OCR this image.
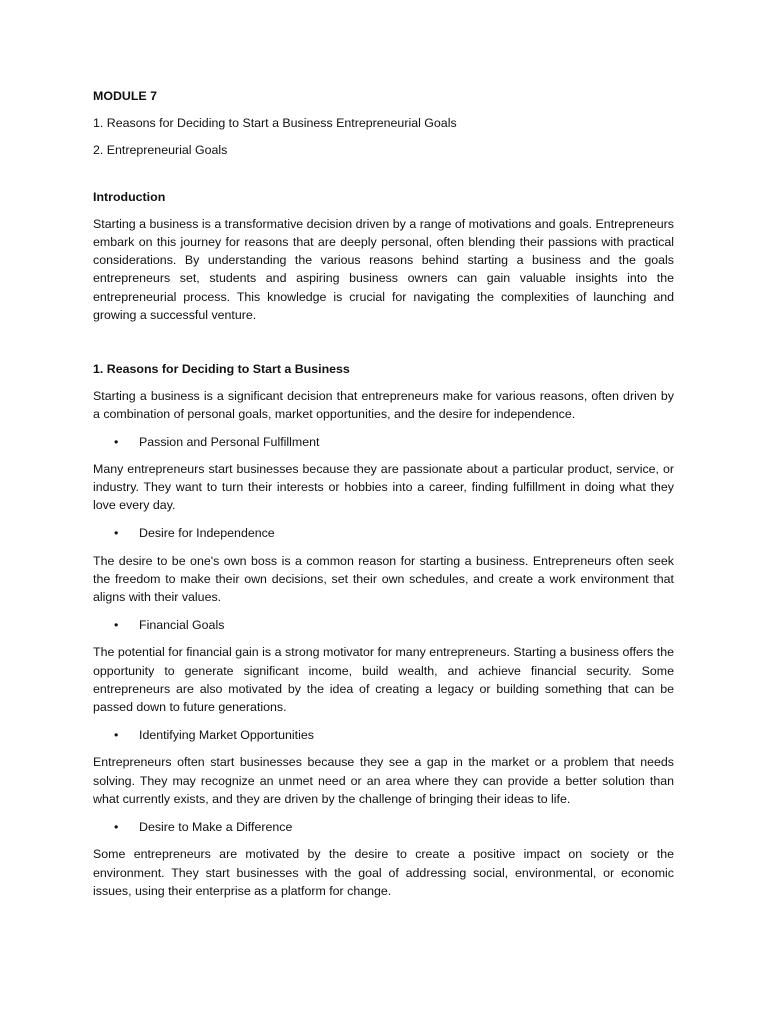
MODULE 7

1. Reasons for Deciding to Start a Business Entrepreneurial Goals

2. Entrepreneurial Goals

Introduction

Starting a business is a transformative decision driven by a range of motivations and goals. Entrepreneurs embark on this journey for reasons that are deeply personal, often blending their passions with practical considerations. By understanding the various reasons behind starting a business and the goals entrepreneurs set, students and aspiring business owners can gain valuable insights into the entrepreneurial process. This knowledge is crucial for navigating the complexities of launching and growing a successful venture.

1. Reasons for Deciding to Start a Business

Starting a business is a significant decision that entrepreneurs make for various reasons, often driven by a combination of personal goals, market opportunities, and the desire for independence.

• Passion and Personal Fulfillment

Many entrepreneurs start businesses because they are passionate about a particular product, service, or industry. They want to turn their interests or hobbies into a career, finding fulfillment in doing what they love every day.

• Desire for Independence

The desire to be one's own boss is a common reason for starting a business. Entrepreneurs often seek the freedom to make their own decisions, set their own schedules, and create a work environment that aligns with their values.

• Financial Goals

The potential for financial gain is a strong motivator for many entrepreneurs. Starting a business offers the opportunity to generate significant income, build wealth, and achieve financial security. Some entrepreneurs are also motivated by the idea of creating a legacy or building something that can be passed down to future generations.

• Identifying Market Opportunities

Entrepreneurs often start businesses because they see a gap in the market or a problem that needs solving. They may recognize an unmet need or an area where they can provide a better solution than what currently exists, and they are driven by the challenge of bringing their ideas to life.

• Desire to Make a Difference

Some entrepreneurs are motivated by the desire to create a positive impact on society or the environment. They start businesses with the goal of addressing social, environmental, or economic issues, using their enterprise as a platform for change.
